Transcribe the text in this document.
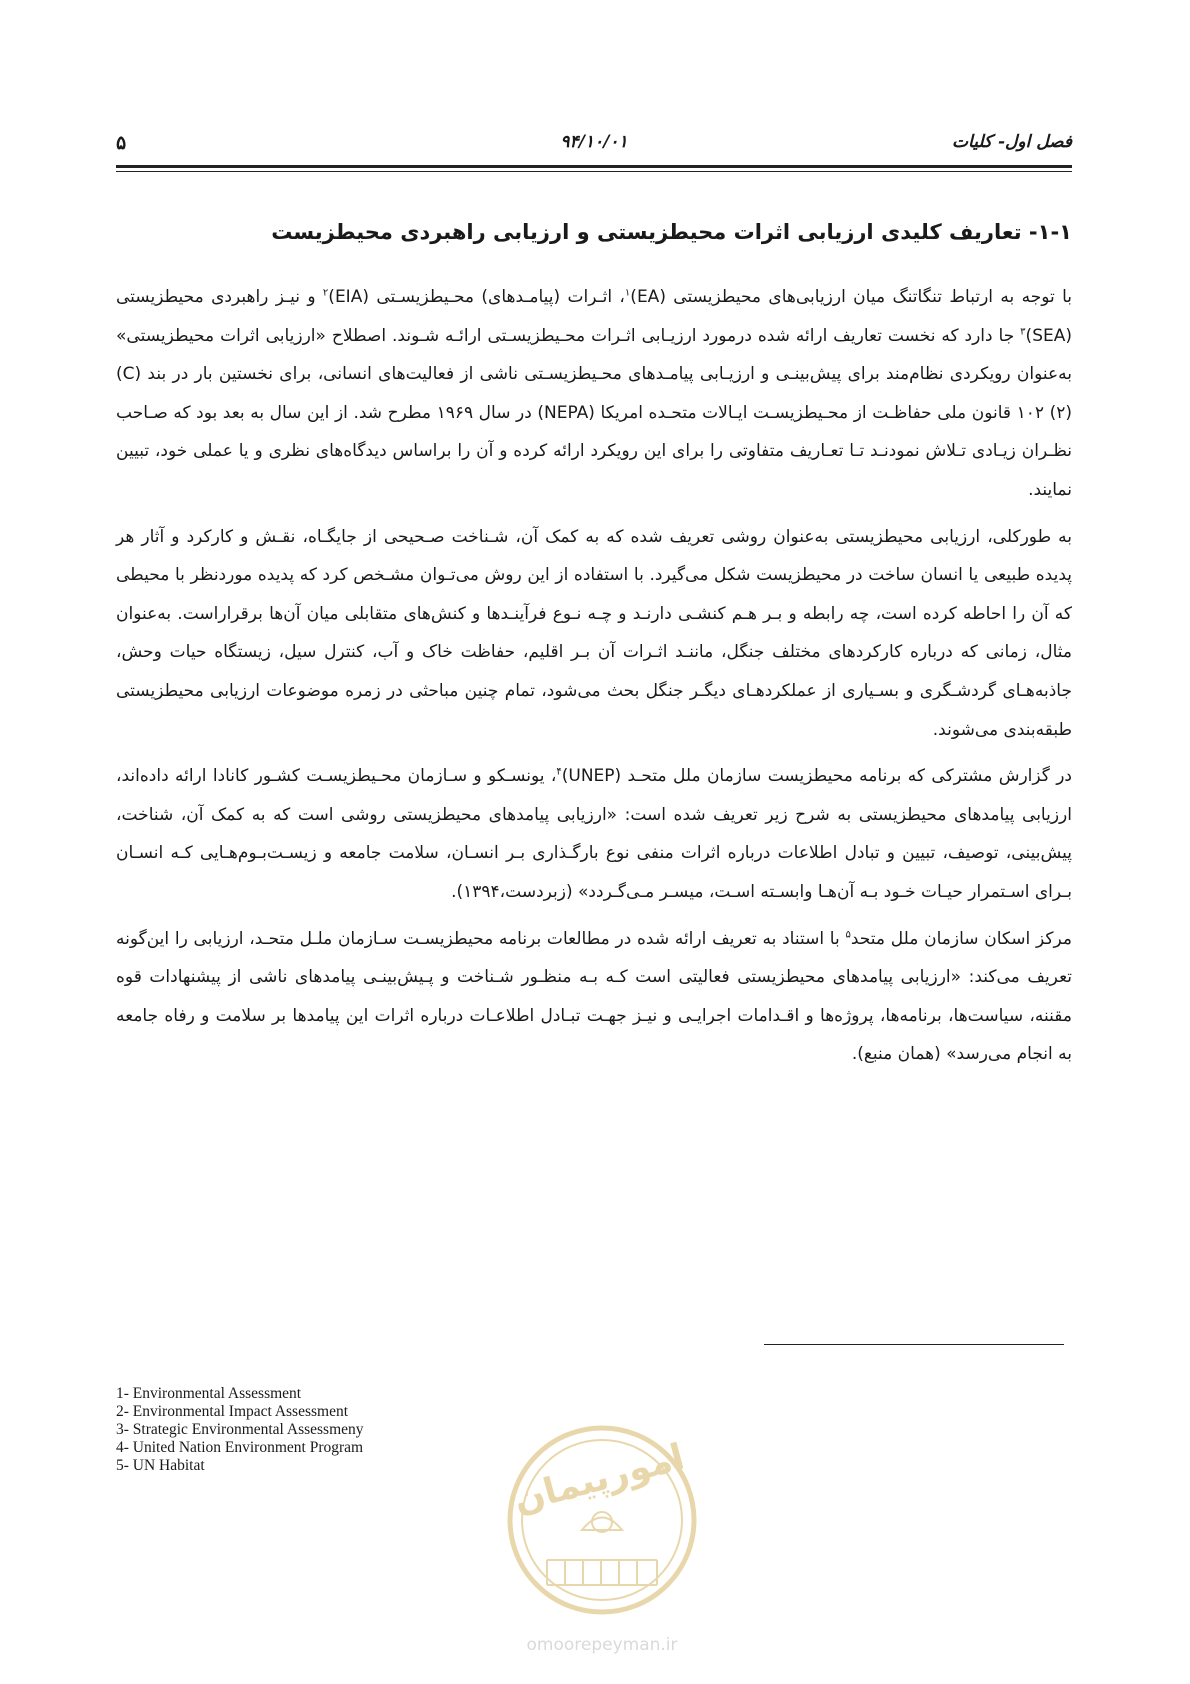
فصل اول- کلیات
۹۴/۱۰/۰۱
۵
۱-۱- تعاریف کلیدی ارزیابی اثرات محیطزیستی و ارزیابی راهبردی محیطزیست

با توجه به ارتباط تنگاتنگ میان ارزیابی‌های محیطزیستی (EA)$^۱$، اثـرات (پیامـدهای) محـیطزیسـتی (EIA)$^۲$ و نیـز راهبردی محیطزیستی (SEA)$^۳$ جا دارد که نخست تعاریف ارائه شده درمورد ارزیـابی اثـرات محـیطزیسـتی ارائـه شـوند. اصطلاح «ارزیابی اثرات محیطزیستی» به‌عنوان رویکردی نظام‌مند برای پیش‌بینـی و ارزیـابی پیامـدهای محـیطزیسـتی ناشی از فعالیت‌های انسانی، برای نخستین بار در بند (C)(۲) ۱۰۲ قانون ملی حفاظـت از محـیطزیسـت ایـالات متحـده امریکا (NEPA) در سال ۱۹۶۹ مطرح شد. از این سال به بعد بود که صـاحب نظـران زیـادی تـلاش نمودنـد تـا تعـاریف متفاوتی را برای این رویکرد ارائه کرده و آن را براساس دیدگاه‌های نظری و یا عملی خود، تبیین نمایند.

به طورکلی، ارزیابی محیطزیستی به‌عنوان روشی تعریف شده که به کمک آن، شـناخت صـحیحی از جایگـاه، نقـش و کارکرد و آثار هر پدیده طبیعی یا انسان ساخت در محیطزیست شکل می‌گیرد. با استفاده از این روش می‌تـوان مشـخص کرد که پدیده موردنظر با محیطی که آن را احاطه کرده است، چه رابطه و بـر هـم کنشـی دارنـد و چـه نـوع فرآینـدها و کنش‌های متقابلی میان آن‌ها برقراراست. به‌عنوان مثال، زمانی که درباره کارکردهای مختلف جنگل، ماننـد اثـرات آن بـر اقلیم، حفاظت خاک و آب، کنترل سیل، زیستگاه حیات وحش، جاذبه‌هـای گردشـگری و بسـیاری از عملکردهـای دیگـر جنگل بحث می‌شود، تمام چنین مباحثی در زمره موضوعات ارزیابی محیطزیستی طبقه‌بندی می‌شوند.

در گزارش مشترکی که برنامه محیطزیست سازمان ملل متحـد (UNEP)$^۴$، یونسـکو و سـازمان محـیطزیسـت کشـور کانادا ارائه داده‌اند، ارزیابی پیامدهای محیطزیستی به شرح زیر تعریف شده است: «ارزیابی پیامدهای محیطزیستی روشی است که به کمک آن، شناخت، پیش‌بینی، توصیف، تبیین و تبادل اطلاعات درباره اثرات منفی نوع بارگـذاری بـر انسـان، سلامت جامعه و زیسـت‌بـوم‌هـایی کـه انسـان بـرای اسـتمرار حیـات خـود بـه آن‌هـا وابسـته اسـت، میسـر مـی‌گـردد» (زبردست،۱۳۹۴).

مرکز اسکان سازمان ملل متحد$^۵$ با استناد به تعریف ارائه شده در مطالعات برنامه محیطزیسـت سـازمان ملـل متحـد، ارزیابی را این‌گونه تعریف می‌کند: «ارزیابی پیامدهای محیطزیستی فعالیتی است کـه بـه منظـور شـناخت و پـیش‌بینـی پیامدهای ناشی از پیشنهادات قوه مقننه، سیاست‌ها، برنامه‌ها، پروژه‌ها و اقـدامات اجرایـی و نیـز جهـت تبـادل اطلاعـات درباره اثرات این پیامدها بر سلامت و رفاه جامعه به انجام می‌رسد» (همان منبع).

1- Environmental Assessment
2- Environmental Impact Assessment
3- Strategic Environmental Assessmeny
4- United Nation Environment Program
5- UN Habitat	امورپیمان
omoorepeyman.ir
